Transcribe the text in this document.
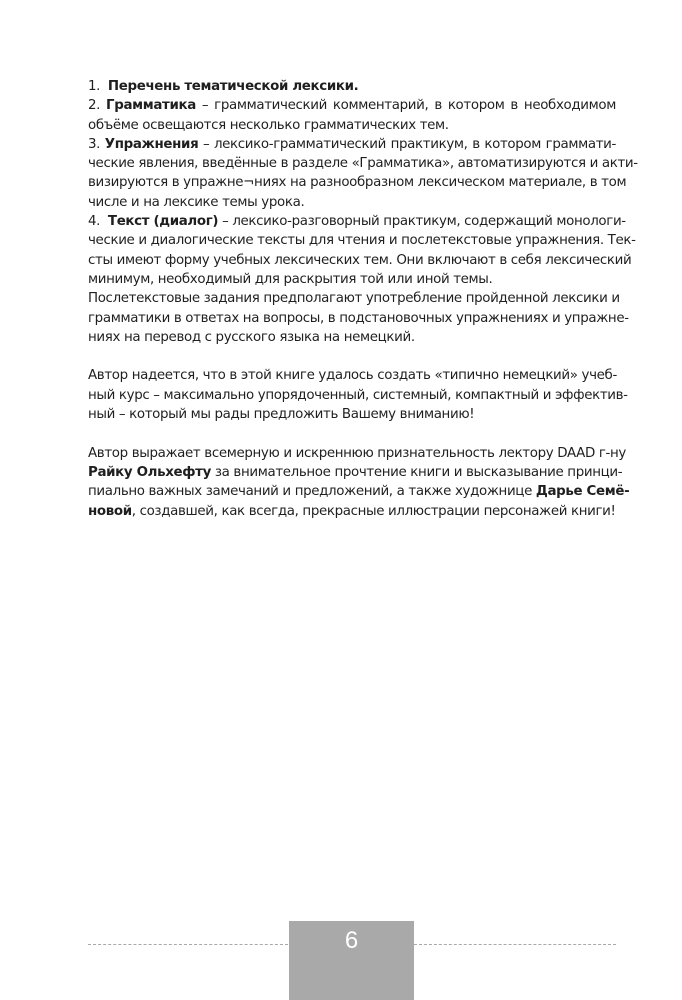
1. Перечень тематической лексики.
2. Грамматика – грамматический комментарий, в котором в необходимом
объёме освещаются несколько грамматических тем.
3. Упражнения – лексико-грамматический практикум, в котором граммати-
ческие явления, введённые в разделе «Грамматика», автоматизируются и акти-
визируются в упражне¬ниях на разнообразном лексическом материале, в том
числе и на лексике темы урока.
4. Текст (диалог) – лексико-разговорный практикум, содержащий монологи-
ческие и диалогические тексты для чтения и послетекстовые упражнения. Тек-
сты имеют форму учебных лексических тем. Они включают в себя лексический
минимум, необходимый для раскрытия той или иной темы.
Послетекстовые задания предполагают употребление пройденной лексики и
грамматики в ответах на вопросы, в подстановочных упражнениях и упражне-
ниях на перевод с русского языка на немецкий.
Автор надеется, что в этой книге удалось создать «типично немецкий» учеб-
ный курс – максимально упорядоченный, системный, компактный и эффектив-
ный – который мы рады предложить Вашему вниманию!
Автор выражает всемерную и искреннюю признательность лектору DAAD г-ну
Райку Ольхефту за внимательное прочтение книги и высказывание принци-
пиально важных замечаний и предложений, а также художнице Дарье Семё-
новой, создавшей, как всегда, прекрасные иллюстрации персонажей книги!
6
